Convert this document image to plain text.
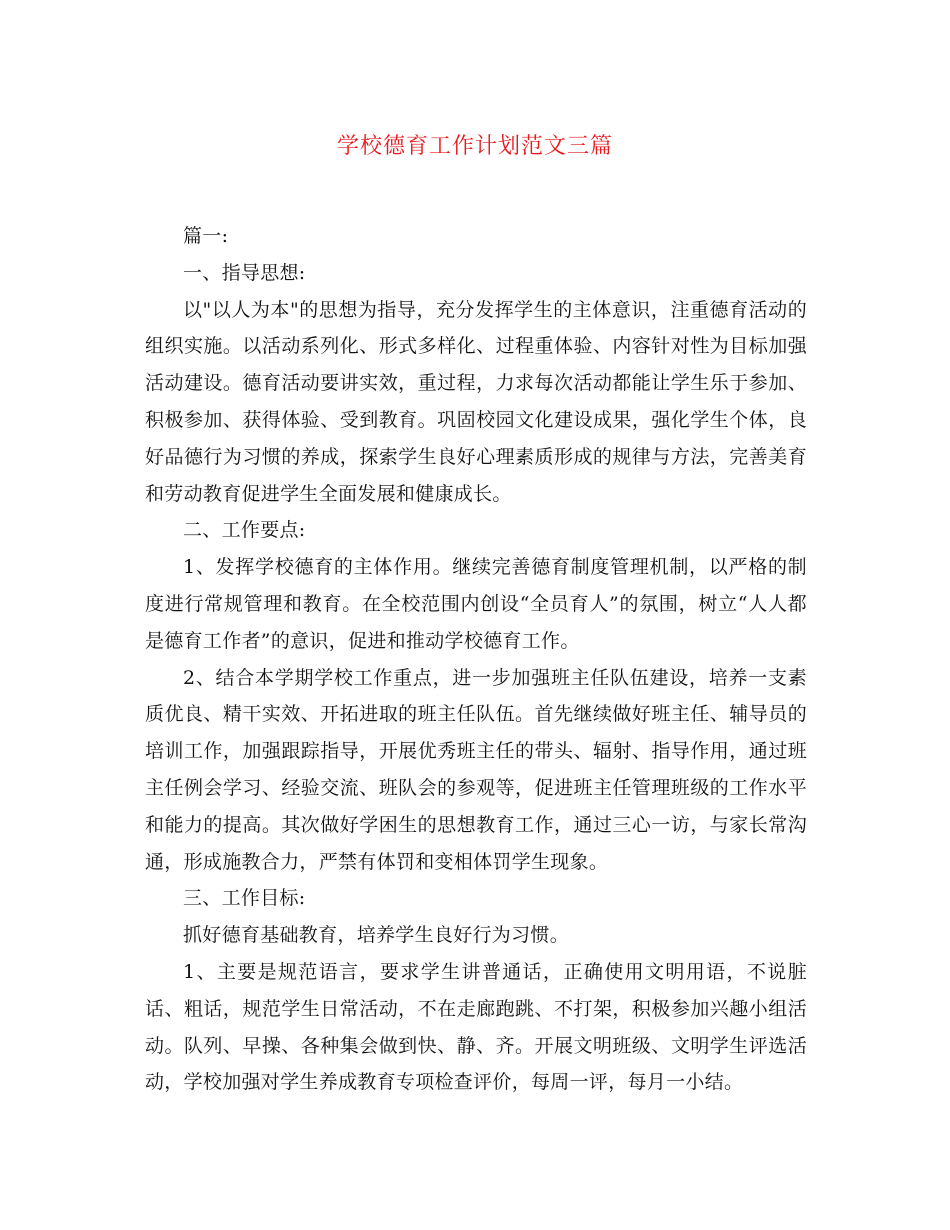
学校德育工作计划范文三篇

篇一:

一、指导思想:

以"以人为本"的思想为指导，充分发挥学生的主体意识，注重德育活动的组织实施。以活动系列化、形式多样化、过程重体验、内容针对性为目标加强活动建设。德育活动要讲实效，重过程，力求每次活动都能让学生乐于参加、积极参加、获得体验、受到教育。巩固校园文化建设成果，强化学生个体，良好品德行为习惯的养成，探索学生良好心理素质形成的规律与方法，完善美育和劳动教育促进学生全面发展和健康成长。

二、工作要点:

1、发挥学校德育的主体作用。继续完善德育制度管理机制，以严格的制度进行常规管理和教育。在全校范围内创设“全员育人”的氛围，树立“人人都是德育工作者”的意识，促进和推动学校德育工作。

2、结合本学期学校工作重点，进一步加强班主任队伍建设，培养一支素质优良、精干实效、开拓进取的班主任队伍。首先继续做好班主任、辅导员的培训工作，加强跟踪指导，开展优秀班主任的带头、辐射、指导作用，通过班主任例会学习、经验交流、班队会的参观等，促进班主任管理班级的工作水平和能力的提高。其次做好学困生的思想教育工作，通过三心一访，与家长常沟通，形成施教合力，严禁有体罚和变相体罚学生现象。

三、工作目标:

抓好德育基础教育，培养学生良好行为习惯。

1、主要是规范语言，要求学生讲普通话，正确使用文明用语，不说脏话、粗话，规范学生日常活动，不在走廊跑跳、不打架，积极参加兴趣小组活动。队列、早操、各种集会做到快、静、齐。开展文明班级、文明学生评选活动，学校加强对学生养成教育专项检查评价，每周一评，每月一小结。
